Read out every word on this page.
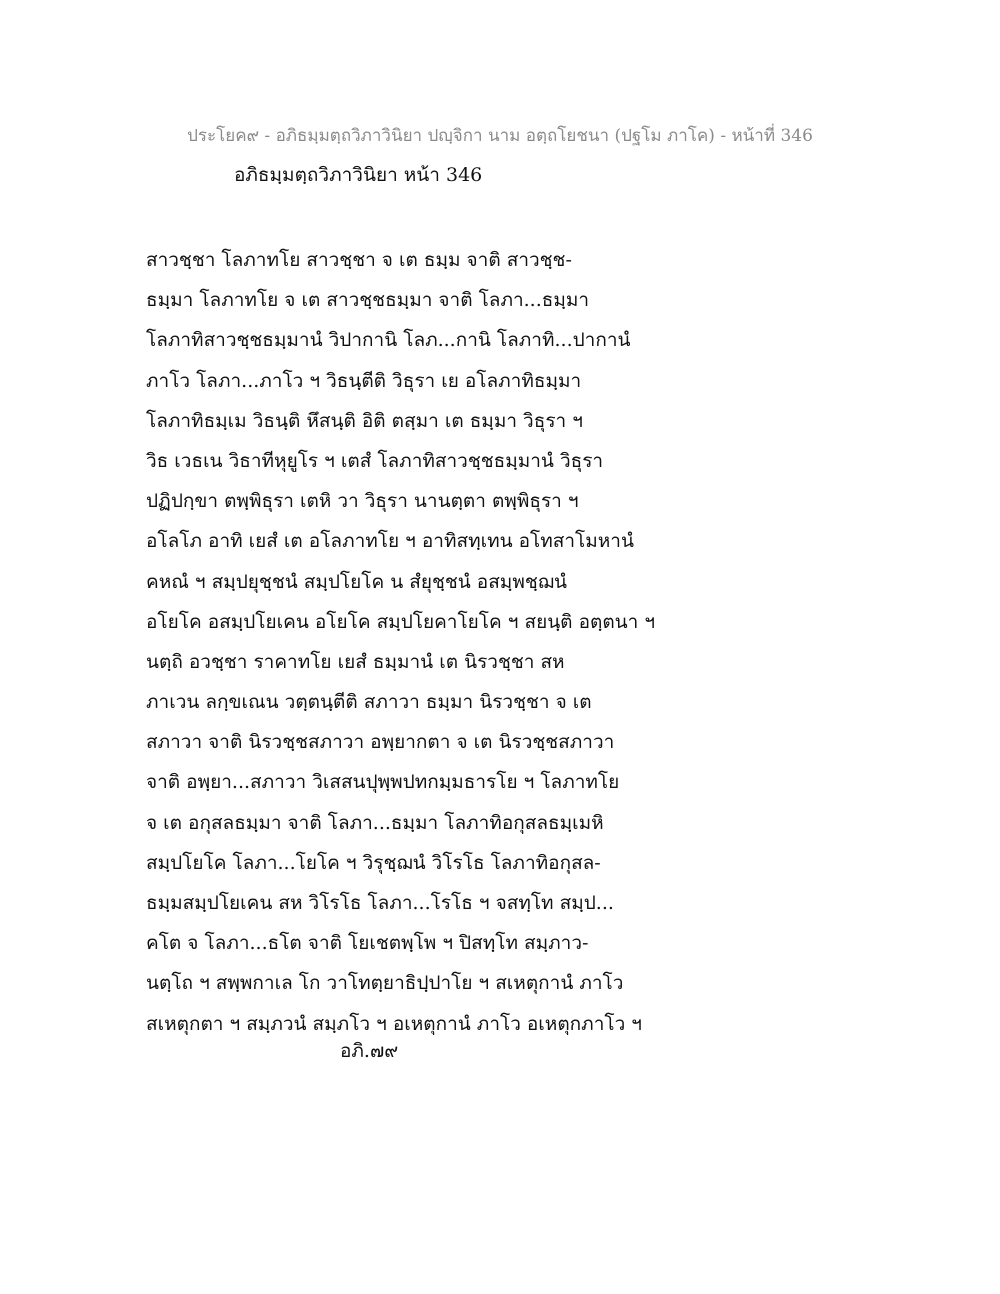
ประโยค๙ - อภิธมฺมตฺถวิภาวินิยา ปญฺจิกา นาม อตฺถโยชนา (ปฐโม ภาโค) - หน้าที่ 346
อภิธมฺมตฺถวิภาวินิยา หน้า 346
สาวชฺชา โลภาทโย สาวชฺชา จ เต ธมฺม จาติ สาวชฺช-
ธมฺมา โลภาทโย จ เต สาวชฺชธมฺมา จาติ โลภา...ธมฺมา
โลภาทิสาวชฺชธมฺมานํ วิปากานิ โลภ...กานิ โลภาทิ...ปากานํ
ภาโว โลภา...ภาโว ฯ วิธนฺตีติ วิธุรา เย อโลภาทิธมฺมา
โลภาทิธมฺเม วิธนฺติ หึสนฺติ อิติ ตสฺมา เต ธมฺมา วิธุรา ฯ
วิธ เวธเน วิธาทีหุยูโร ฯ เตสํ โลภาทิสาวชฺชธมฺมานํ วิธุรา
ปฏิปกฺขา ตพฺพิธุรา เตหิ วา วิธุรา นานตฺตา ตพฺพิธุรา ฯ
อโลโภ อาทิ เยสํ เต อโลภาทโย ฯ อาทิสทฺเทน อโทสาโมหานํ
คหณํ ฯ สมฺปยุชฺชนํ สมฺปโยโค น สํยุชฺชนํ อสมฺพชฺฌนํ
อโยโค อสมฺปโยเคน อโยโค สมฺปโยคาโยโค ฯ สยนฺติ อตฺตนา ฯ
นตฺถิ อวชฺชา ราคาทโย เยสํ ธมฺมานํ เต นิรวชฺชา สห
ภาเวน ลกฺขเณน วตฺตนฺตีติ สภาวา ธมฺมา นิรวชฺชา จ เต
สภาวา จาติ นิรวชฺชสภาวา อพฺยากตา จ เต นิรวชฺชสภาวา
จาติ อพฺยา...สภาวา วิเสสนปุพฺพปทกมฺมธารโย ฯ โลภาทโย
จ เต อกุสลธมฺมา จาติ โลภา...ธมฺมา โลภาทิอกุสลธมฺเมหิ
สมฺปโยโค โลภา...โยโค ฯ วิรุชฺฌนํ วิโรโธ โลภาทิอกุสล-
ธมฺมสมฺปโยเคน สห วิโรโธ โลภา...โรโธ ฯ จสทฺโท สมฺป...
คโต จ โลภา...ธโต จาติ โยเชตพฺโพ ฯ ปิสทฺโท สมฺภาว-
นตฺโถ ฯ สพฺพกาเล โก วาโทตฺยาธิปฺปาโย ฯ สเหตุกานํ ภาโว
สเหตุกตา ฯ สมฺภวนํ สมฺภโว ฯ อเหตุกานํ ภาโว อเหตุกภาโว ฯ
อภิ.๗๙
